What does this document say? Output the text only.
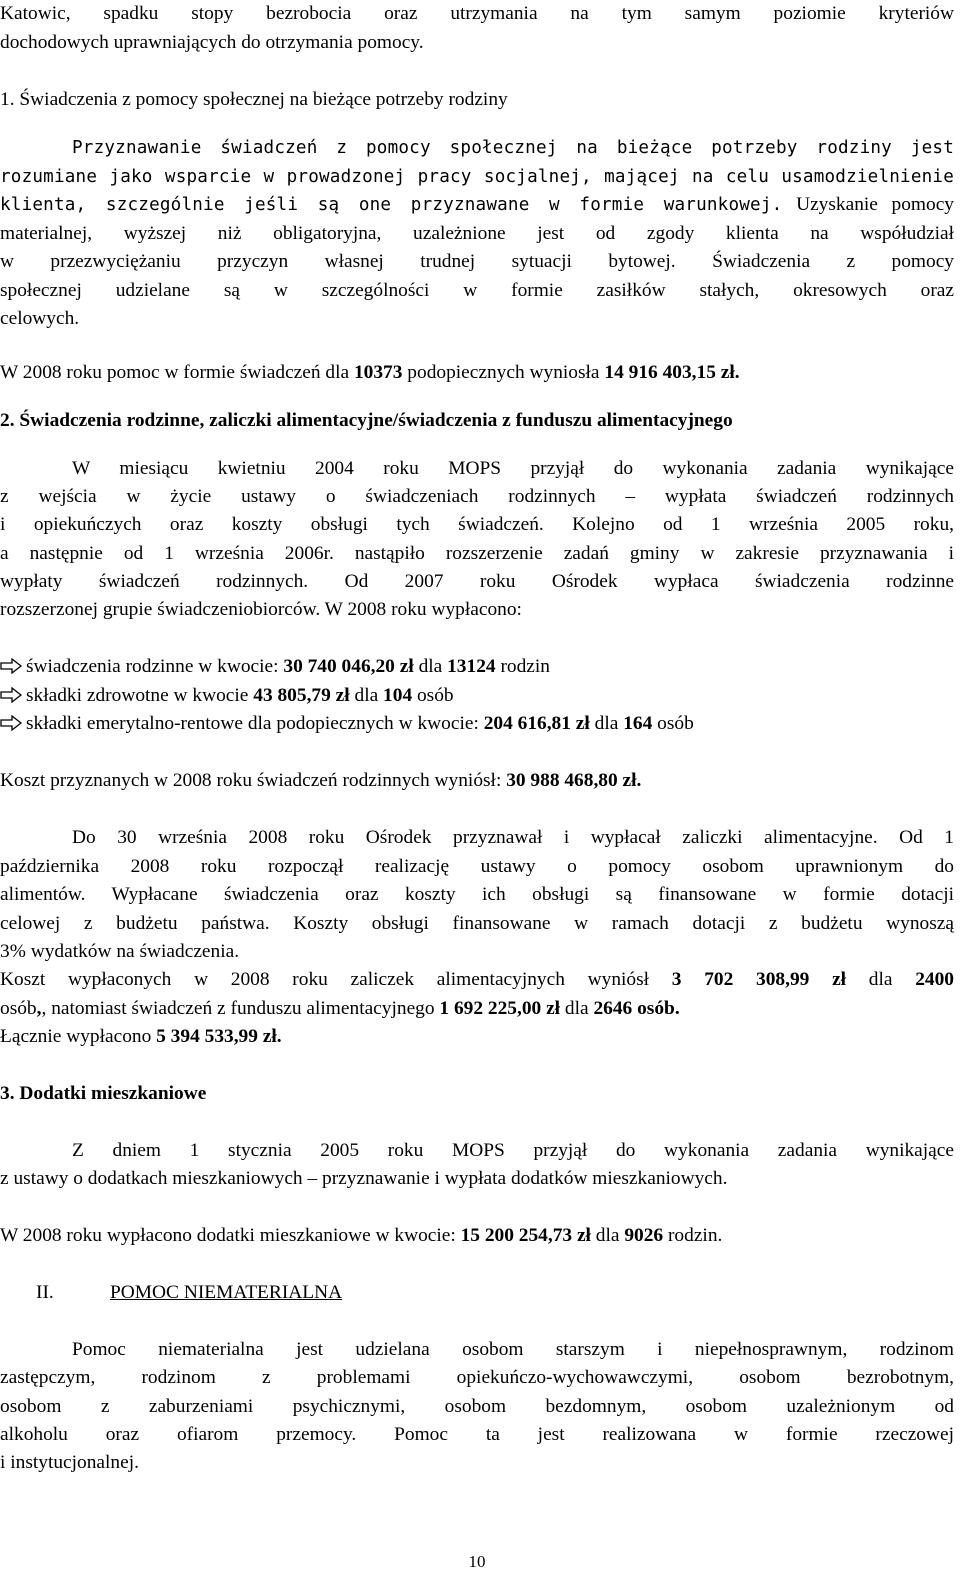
Katowic, spadku stopy bezrobocia oraz utrzymania na tym samym poziomie kryteriów
dochodowych uprawniających do otrzymania pomocy.
1. Świadczenia z pomocy społecznej na bieżące potrzeby rodziny
Przyznawanie świadczeń z pomocy społecznej na bieżące potrzeby rodziny jest
rozumiane jako wsparcie w prowadzonej pracy socjalnej, mającej na celu usamodzielnienie
klienta, szczególnie jeśli są one przyznawane w formie warunkowej. Uzyskanie pomocy
materialnej, wyższej niż obligatoryjna, uzależnione jest od zgody klienta na współudział
w przezwyciężaniu przyczyn własnej trudnej sytuacji bytowej. Świadczenia z pomocy
społecznej udzielane są w szczególności w formie zasiłków stałych, okresowych oraz
celowych.
W 2008 roku pomoc w formie świadczeń dla 10373 podopiecznych wyniosła 14 916 403,15 zł.
2. Świadczenia rodzinne, zaliczki alimentacyjne/świadczenia z funduszu alimentacyjnego
W miesiącu kwietniu 2004 roku MOPS przyjął do wykonania zadania wynikające
z wejścia w życie ustawy o świadczeniach rodzinnych – wypłata świadczeń rodzinnych
i opiekuńczych oraz koszty obsługi tych świadczeń. Kolejno od 1 września 2005 roku,
a następnie od 1 września 2006r. nastąpiło rozszerzenie zadań gminy w zakresie przyznawania i
wypłaty świadczeń rodzinnych. Od 2007 roku Ośrodek wypłaca świadczenia rodzinne
rozszerzonej grupie świadczeniobiorców. W 2008 roku wypłacono:
świadczenia rodzinne w kwocie: 30 740 046,20 zł dla 13124 rodzin
składki zdrowotne w kwocie 43 805,79 zł dla 104 osób
składki emerytalno-rentowe dla podopiecznych w kwocie: 204 616,81 zł dla 164 osób
Koszt przyznanych w 2008 roku świadczeń rodzinnych wyniósł: 30 988 468,80 zł.
Do 30 września 2008 roku Ośrodek przyznawał i wypłacał zaliczki alimentacyjne. Od 1
października 2008 roku rozpoczął realizację ustawy o pomocy osobom uprawnionym do
alimentów. Wypłacane świadczenia oraz koszty ich obsługi są finansowane w formie dotacji
celowej z budżetu państwa. Koszty obsługi finansowane w ramach dotacji z budżetu wynoszą
3% wydatków na świadczenia.
Koszt wypłaconych w 2008 roku zaliczek alimentacyjnych wyniósł 3 702 308,99 zł dla 2400
osób,, natomiast świadczeń z funduszu alimentacyjnego 1 692 225,00 zł dla 2646 osób.
Łącznie wypłacono 5 394 533,99 zł.
3. Dodatki mieszkaniowe
Z dniem 1 stycznia 2005 roku MOPS przyjął do wykonania zadania wynikające
z ustawy o dodatkach mieszkaniowych – przyznawanie i wypłata dodatków mieszkaniowych.
W 2008 roku wypłacono dodatki mieszkaniowe w kwocie: 15 200 254,73 zł dla 9026 rodzin.
II.	POMOC NIEMATERIALNA
Pomoc niematerialna jest udzielana osobom starszym i niepełnosprawnym, rodzinom
zastępczym, rodzinom z problemami opiekuńczo-wychowawczymi, osobom bezrobotnym,
osobom z zaburzeniami psychicznymi, osobom bezdomnym, osobom uzależnionym od
alkoholu oraz ofiarom przemocy. Pomoc ta jest realizowana w formie rzeczowej
i instytucjonalnej.
10
